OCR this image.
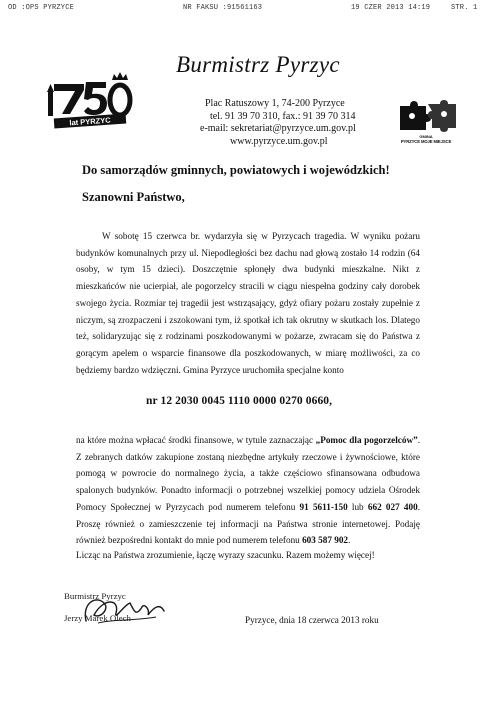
OD :OPS PYRZYCE	NR FAKSU :91561163	19 CZER 2013 14:19	STR. 1
lat PYRZYC
Burmistrz Pyrzyc
Plac Ratuszowy 1, 74-200 Pyrzyce
tel. 91 39 70 310, fax.: 91 39 70 314
e-mail: sekretariat@pyrzyce.um.gov.pl
www.pyrzyce.um.gov.pl	GMINA
PYRZYCE MOJE MIEJSCE
Do samorządów gminnych, powiatowych i wojewódzkich!
Szanowni Państwo,
W sobotę 15 czerwca br. wydarzyła się w Pyrzycach tragedia. W wyniku pożaru budynków komunalnych przy ul. Niepodległości bez dachu nad głową zostało 14 rodzin (64 osoby, w tym 15 dzieci). Doszczętnie spłonęły dwa budynki mieszkalne. Nikt z mieszkańców nie ucierpiał, ale pogorzelcy stracili w ciągu niespełna godziny cały dorobek swojego życia. Rozmiar tej tragedii jest wstrząsający, gdyż ofiary pożaru zostały zupełnie z niczym, są zrozpaczeni i zszokowani tym, iż spotkał ich tak okrutny w skutkach los. Dlatego też, solidaryzując się z rodzinami poszkodowanymi w pożarze, zwracam się do Państwa z gorącym apelem o wsparcie finansowe dla poszkodowanych, w miarę możliwości, za co będziemy bardzo wdzięczni. Gmina Pyrzyce uruchomiła specjalne konto
nr 12 2030 0045 1110 0000 0270 0660,
na które można wpłacać środki finansowe, w tytule zaznaczając „Pomoc dla pogorzelców”. Z zebranych datków zakupione zostaną niezbędne artykuły rzeczowe i żywnościowe, które pomogą w powrocie do normalnego życia, a także częściowo sfinansowana odbudowa spalonych budynków. Ponadto informacji o potrzebnej wszelkiej pomocy udziela Ośrodek Pomocy Społecznej w Pyrzycach pod numerem telefonu 91 5611-150 lub 662 027 400. Proszę również o zamieszczenie tej informacji na Państwa stronie internetowej. Podaję również bezpośredni kontakt do mnie pod numerem telefonu 603 587 902.
Licząc na Państwa zrozumienie, łączę wyrazy szacunku. Razem możemy więcej!
Burmistrz Pyrzyc
Jerzy Marek Olech	Pyrzyce, dnia 18 czerwca 2013 roku
